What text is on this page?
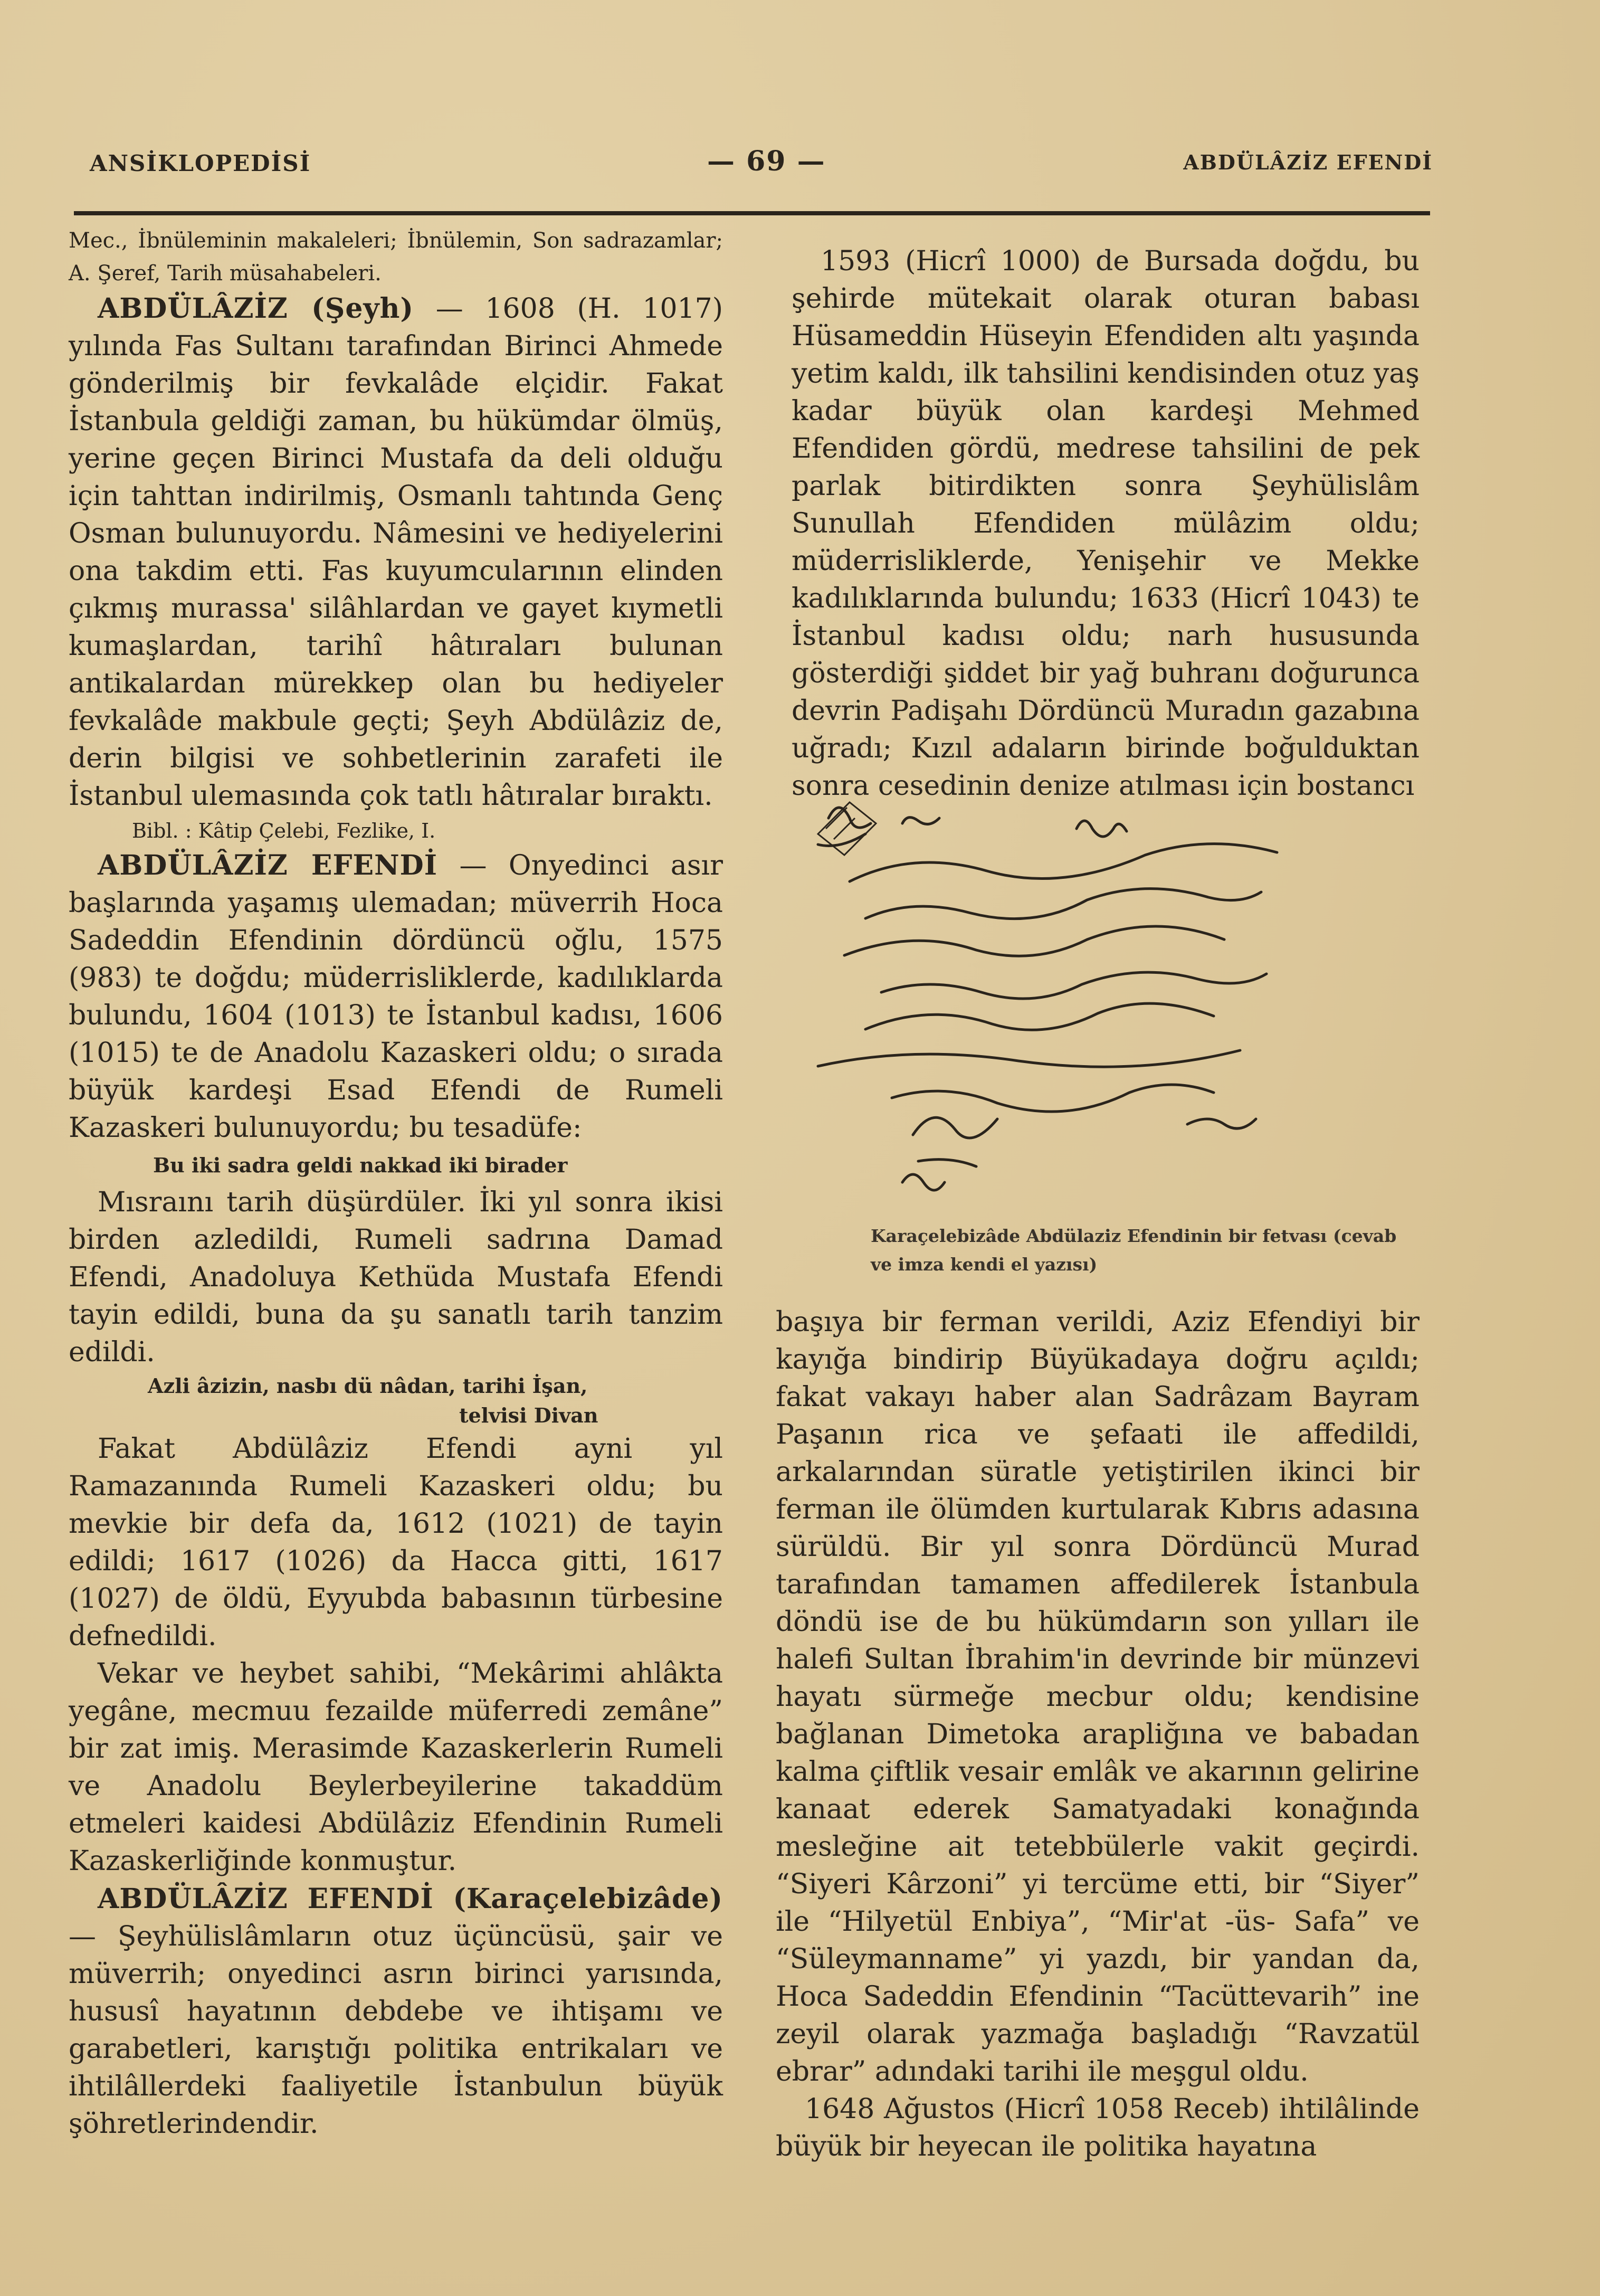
ANSİKLOPEDİSİ	— 69 —	ABDÜLÂZİZ EFENDİ

Mec., İbnüleminin makaleleri; İbnülemin, Son sadrazamlar; A. Şeref, Tarih müsahabeleri.

ABDÜLÂZİZ (Şeyh) — 1608 (H. 1017) yılında Fas Sultanı tarafından Birinci Ahmede gönderilmiş bir fevkalâde elçidir. Fakat İstanbula geldiği zaman, bu hükümdar ölmüş, yerine geçen Birinci Mustafa da deli olduğu için tahttan indirilmiş, Osmanlı tahtında Genç Osman bulunuyordu. Nâmesini ve hediyelerini ona takdim etti. Fas kuyumcularının elinden çıkmış murassa' silâhlardan ve gayet kıymetli kumaşlardan, tarihî hâtıraları bulunan antikalardan mürekkep olan bu hediyeler fevkalâde makbule geçti; Şeyh Abdülâziz de, derin bilgisi ve sohbetlerinin zarafeti ile İstanbul ulemasında çok tatlı hâtıralar bıraktı.

Bibl. : Kâtip Çelebi, Fezlike, I.

ABDÜLÂZİZ EFENDİ — Onyedinci asır başlarında yaşamış ulemadan; müverrih Hoca Sadeddin Efendinin dördüncü oğlu, 1575 (983) te doğdu; müderrisliklerde, kadılıklarda bulundu, 1604 (1013) te İstanbul kadısı, 1606 (1015) te de Anadolu Kazaskeri oldu; o sırada büyük kardeşi Esad Efendi de Rumeli Kazaskeri bulunuyordu; bu tesadüfe:

Bu iki sadra geldi nakkad iki birader

Mısraını tarih düşürdüler. İki yıl sonra ikisi birden azledildi, Rumeli sadrına Damad Efendi, Anadoluya Kethüda Mustafa Efendi tayin edildi, buna da şu sanatlı tarih tanzim edildi.

Azli âzizin, nasbı dü nâdan, tarihi İşan,

telvisi Divan

Fakat Abdülâziz Efendi ayni yıl Ramazanında Rumeli Kazaskeri oldu; bu mevkie bir defa da, 1612 (1021) de tayin edildi; 1617 (1026) da Hacca gitti, 1617 (1027) de öldü, Eyyubda babasının türbesine defnedildi.

Vekar ve heybet sahibi, “Mekârimi ahlâkta yegâne, mecmuu fezailde müferredi zemâne” bir zat imiş. Merasimde Kazaskerlerin Rumeli ve Anadolu Beylerbeyilerine takaddüm etmeleri kaidesi Abdülâziz Efendinin Rumeli Kazaskerliğinde konmuştur.

ABDÜLÂZİZ EFENDİ (Karaçelebizâde) — Şeyhülislâmların otuz üçüncüsü, şair ve müverrih; onyedinci asrın birinci yarısında, hususî hayatının debdebe ve ihtişamı ve garabetleri, karıştığı politika entrikaları ve ihtilâllerdeki faaliyetile İstanbulun büyük şöhretlerindendir.

1593 (Hicrî 1000) de Bursada doğdu, bu şehirde mütekait olarak oturan babası Hüsameddin Hüseyin Efendiden altı yaşında yetim kaldı, ilk tahsilini kendisinden otuz yaş kadar büyük olan kardeşi Mehmed Efendiden gördü, medrese tahsilini de pek parlak bitirdikten sonra Şeyhülislâm Sunullah Efendiden mülâzim oldu; müderrisliklerde, Yenişehir ve Mekke kadılıklarında bulundu; 1633 (Hicrî 1043) te İstanbul kadısı oldu; narh hususunda gösterdiği şiddet bir yağ buhranı doğurunca devrin Padişahı Dördüncü Muradın gazabına uğradı; Kızıl adaların birinde boğulduktan sonra cesedinin denize atılması için bostancı

Karaçelebizâde Abdülaziz Efendinin bir fetvası (cevab ve imza kendi el yazısı)

başıya bir ferman verildi, Aziz Efendiyi bir kayığa bindirip Büyükadaya doğru açıldı; fakat vakayı haber alan Sadrâzam Bayram Paşanın rica ve şefaati ile affedildi, arkalarından süratle yetiştirilen ikinci bir ferman ile ölümden kurtularak Kıbrıs adasına sürüldü. Bir yıl sonra Dördüncü Murad tarafından tamamen affedilerek İstanbula döndü ise de bu hükümdarın son yılları ile halefi Sultan İbrahim'in devrinde bir münzevi hayatı sürmeğe mecbur oldu; kendisine bağlanan Dimetoka arapliğına ve babadan kalma çiftlik vesair emlâk ve akarının gelirine kanaat ederek Samatyadaki konağında mesleğine ait tetebbülerle vakit geçirdi. “Siyeri Kârzoni” yi tercüme etti, bir “Siyer” ile “Hilyetül Enbiya”, “Mir'at -üs- Safa” ve “Süleymanname” yi yazdı, bir yandan da, Hoca Sadeddin Efendinin “Tacüttevarih” ine zeyil olarak yazmağa başladığı “Ravzatül ebrar” adındaki tarihi ile meşgul oldu.

1648 Ağustos (Hicrî 1058 Receb) ihtilâlinde büyük bir heyecan ile politika hayatına
